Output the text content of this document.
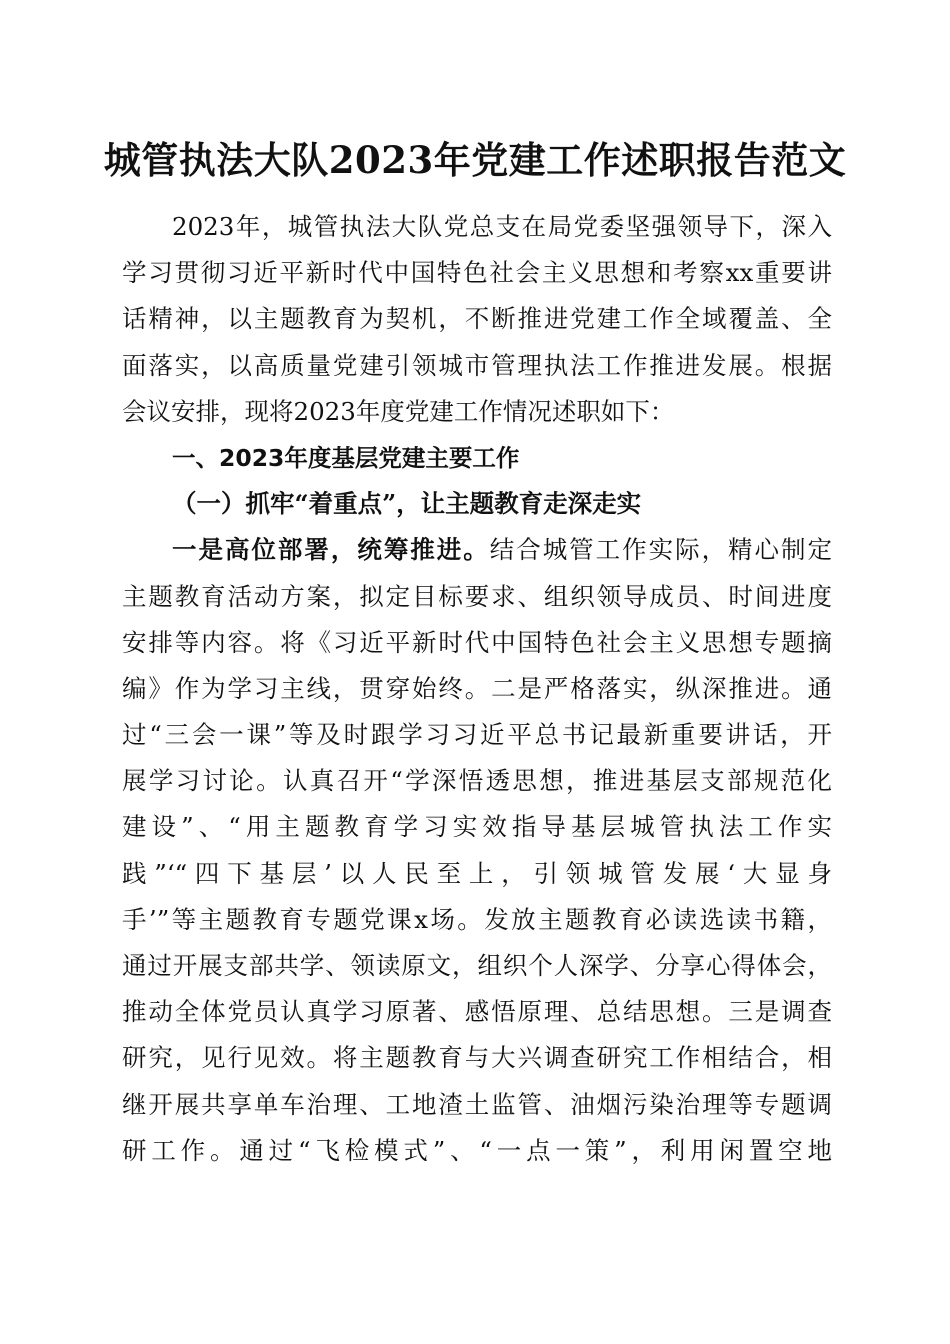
城管执法大队2023年党建工作述职报告范文
2023年，城管执法大队党总支在局党委坚强领导下，深入
学习贯彻习近平新时代中国特色社会主义思想和考察xx重要讲
话精神，以主题教育为契机，不断推进党建工作全域覆盖、全
面落实，以高质量党建引领城市管理执法工作推进发展。根据
会议安排，现将2023年度党建工作情况述职如下：
一、2023年度基层党建主要工作
（一）抓牢“着重点”，让主题教育走深走实
一是高位部署，统筹推进。结合城管工作实际，精心制定
主题教育活动方案，拟定目标要求、组织领导成员、时间进度
安排等内容。将《习近平新时代中国特色社会主义思想专题摘
编》作为学习主线，贯穿始终。二是严格落实，纵深推进。通
过“三会一课”等及时跟学习习近平总书记最新重要讲话，开
展学习讨论。认真召开“学深悟透思想，推进基层支部规范化
建设”、“用主题教育学习实效指导基层城管执法工作实
践”‘“四下基层’以人民至上，引领城管发展‘大显身
手’”等主题教育专题党课x场。发放主题教育必读选读书籍，
通过开展支部共学、领读原文，组织个人深学、分享心得体会，
推动全体党员认真学习原著、感悟原理、总结思想。三是调查
研究，见行见效。将主题教育与大兴调查研究工作相结合，相
继开展共享单车治理、工地渣土监管、油烟污染治理等专题调
研工作。通过“飞检模式”、“一点一策”，利用闲置空地
